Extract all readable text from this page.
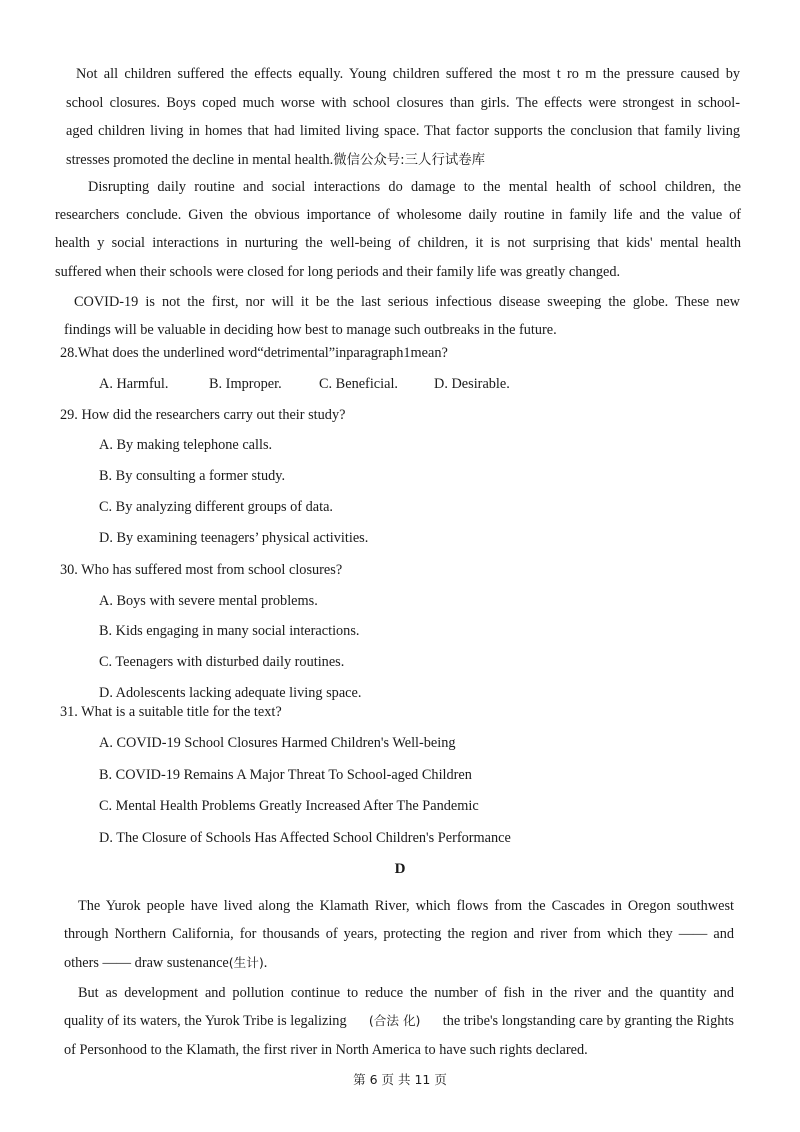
Not all children suffered the effects equally. Young children suffered the most t ro m the pressure caused by
school closures. Boys coped much worse with school closures than girls. The effects were strongest in school-
aged children living in homes that had limited living space. That factor supports the conclusion that family living
stresses promoted the decline in mental health.微信公众号:三人行试卷库
Disrupting daily routine and social interactions do damage to the mental health of school children, the
researchers conclude. Given the obvious importance of wholesome daily routine in family life and the value of
health y social interactions in nurturing the well-being of children, it is not surprising that kids' mental health
suffered when their schools were closed for long periods and their family life was greatly changed.
COVID-19 is not the first, nor will it be the last serious infectious disease sweeping the globe. These new
findings will be valuable in deciding how best to manage such outbreaks in the future.
28.What does the underlined word“detrimental”inparagraph1mean?
A. Harmful.	B. Improper.	C. Beneficial.	D. Desirable.
29. How did the researchers carry out their study?
A. By making telephone calls.
B. By consulting a former study.
C. By analyzing different groups of data.
D. By examining teenagers’ physical activities.
30. Who has suffered most from school closures?
A. Boys with severe mental problems.
B. Kids engaging in many social interactions.
C. Teenagers with disturbed daily routines.
D. Adolescents lacking adequate living space.
31. What is a suitable title for the text?
A. COVID-19 School Closures Harmed Children's Well-being
B. COVID-19 Remains A Major Threat To School-aged Children
C. Mental Health Problems Greatly Increased After The Pandemic
D. The Closure of Schools Has Affected School Children's Performance
D
The Yurok people have lived along the Klamath River, which flows from the Cascades in Oregon southwest
through Northern California, for thousands of years, protecting the region and river from which they —— and
others —— draw sustenance(生计).
But as development and pollution continue to reduce the number of fish in the river and the quantity and
quality of its waters, the Yurok Tribe is legalizing (合法 化) the tribe's longstanding care by granting the Rights
of Personhood to the Klamath, the first river in North America to have such rights declared.
第 6 页 共 11 页
